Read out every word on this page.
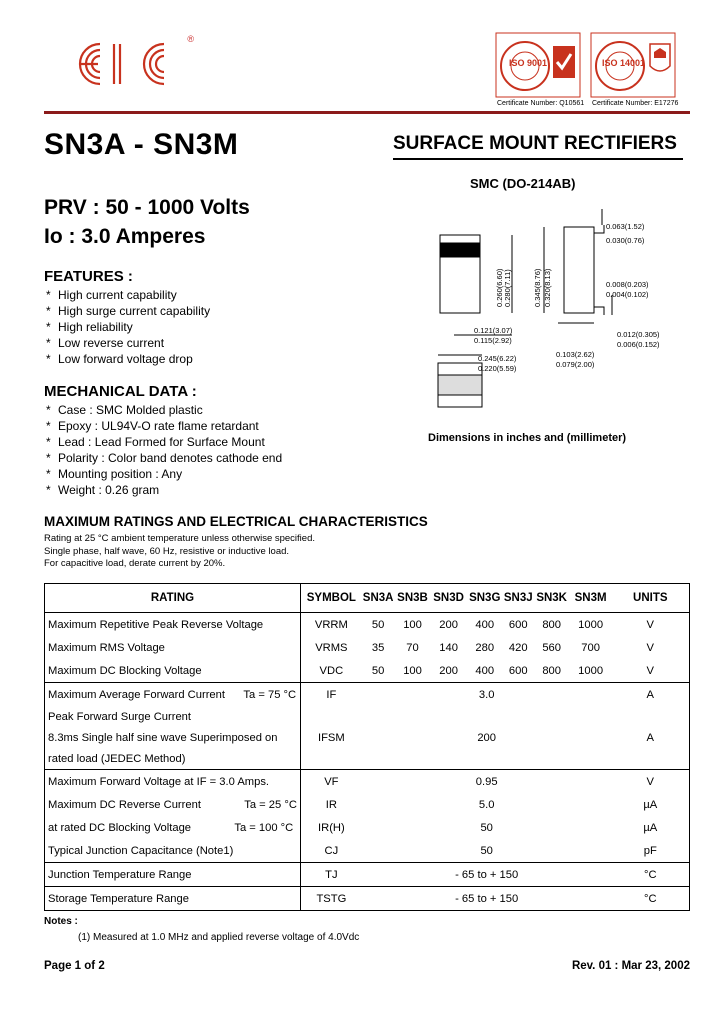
®
ISO 9001
Certificate Number: Q10561
ISO 14001
Certificate Number: E17276
SN3A - SN3M	SURFACE MOUNT RECTIFIERS
PRV : 50 - 1000 Volts
Io : 3.0 Amperes
FEATURES :
* High current capability
* High surge current capability
* High reliability
* Low reverse current
* Low forward voltage drop
MECHANICAL DATA :
* Case : SMC Molded plastic
* Epoxy : UL94V-O rate flame retardant
* Lead : Lead Formed for Surface Mount
* Polarity : Color band denotes cathode end
* Mounting position : Any
* Weight : 0.26 gram
SMC (DO-214AB)
0.063(1.52)
0.030(0.76)
0.008(0.203)
0.004(0.102)
0.012(0.305)
0.006(0.152)
0.121(3.07)
0.115(2.92)
0.245(6.22)
0.220(5.59)
0.103(2.62)
0.079(2.00)
0.280(7.11)
0.260(6.60)	0.345(8.76) 0.320(8.13)
Dimensions in inches and (millimeter)
MAXIMUM RATINGS AND ELECTRICAL CHARACTERISTICS
Rating at 25 °C ambient temperature unless otherwise specified.
Single phase, half wave, 60 Hz, resistive or inductive load.
For capacitive load, derate current by 20%.
RATING	SYMBOL	SN3A	SN3B	SN3D	SN3G	SN3J	SN3K	SN3M	UNITS
Maximum Repetitive Peak Reverse Voltage	VRRM	50	100	200	400	600	800	1000	V
Maximum RMS Voltage	VRMS	35	70	140	280	420	560	700	V
Maximum DC Blocking Voltage	VDC	50	100	200	400	600	800	1000	V
Maximum Average Forward Current      Ta = 75 °C	IF	3.0							A
Peak Forward Surge Current									
8.3ms Single half sine wave Superimposed on	IFSM	200							A
rated load (JEDEC Method)									
Maximum Forward Voltage at IF = 3.0 Amps.	VF	0.95							V
Maximum DC Reverse Current              Ta = 25 °C	IR	5.0							µA
at rated DC Blocking Voltage              Ta = 100 °C	IR(H)	50							µA
Typical Junction Capacitance (Note1)	CJ	50							pF
Junction Temperature Range	TJ	- 65 to + 150							°C
Storage Temperature Range	TSTG	- 65 to + 150							°C
Notes :
(1) Measured at 1.0 MHz and applied reverse voltage of 4.0Vdc
Page 1 of 2	Rev. 01 : Mar 23, 2002
